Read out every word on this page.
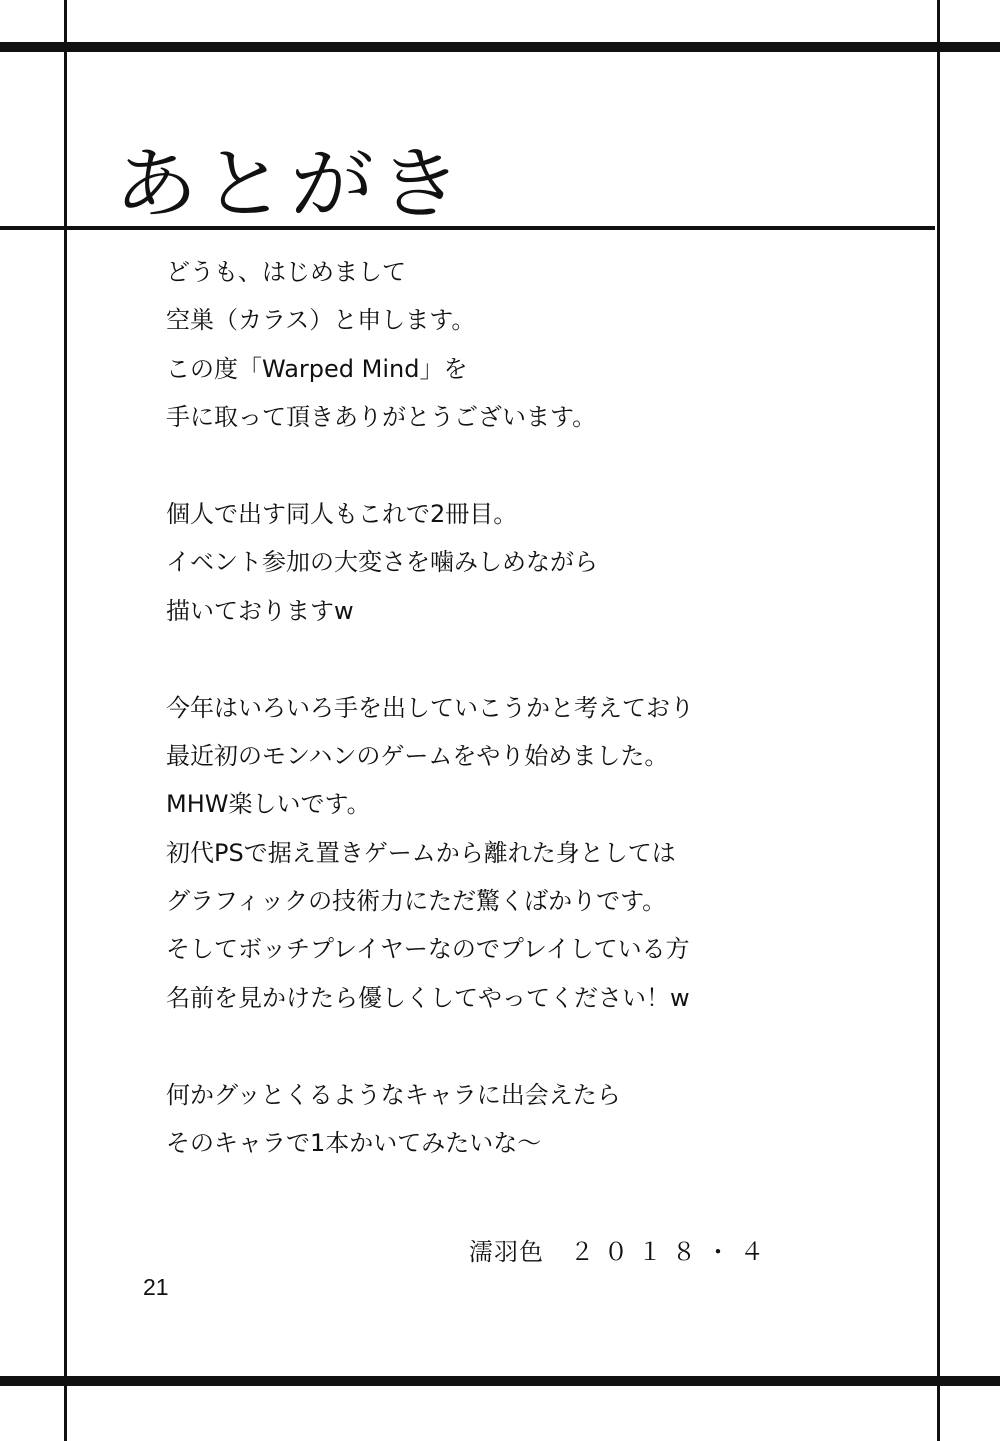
あとがき
どうも、はじめまして
空巣（カラス）と申します。
この度「Warped Mind」を
手に取って頂きありがとうございます。
個人で出す同人もこれで2冊目。
イベント参加の大変さを噛みしめながら
描いておりますw
今年はいろいろ手を出していこうかと考えており
最近初のモンハンのゲームをやり始めました。
MHW楽しいです。
初代PSで据え置きゲームから離れた身としては
グラフィックの技術力にただ驚くばかりです。
そしてボッチプレイヤーなのでプレイしている方
名前を見かけたら優しくしてやってください！w
何かグッとくるようなキャラに出会えたら
そのキャラで1本かいてみたいな～
濡羽色 ２０１８・４
21
